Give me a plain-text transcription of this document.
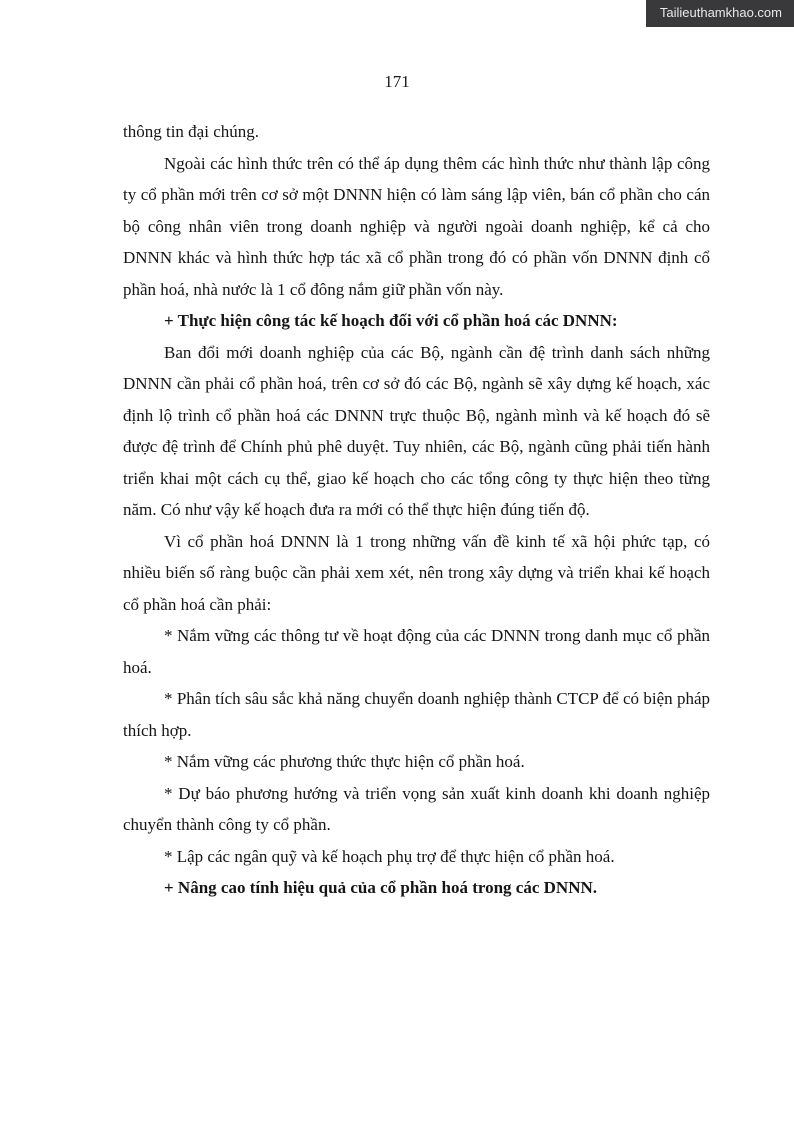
Tailieuthamkhao.com
171

thông tin đại chúng.

Ngoài các hình thức trên có thể áp dụng thêm các hình thức như thành lập công ty cổ phần mới trên cơ sở một DNNN hiện có làm sáng lập viên, bán cổ phần cho cán bộ công nhân viên trong doanh nghiệp và người ngoài doanh nghiệp, kể cả cho DNNN khác và hình thức hợp tác xã cổ phần trong đó có phần vốn DNNN định cổ phần hoá, nhà nước là 1 cổ đông nắm giữ phần vốn này.

+ Thực hiện công tác kế hoạch đối với cổ phần hoá các DNNN:

Ban đổi mới doanh nghiệp của các Bộ, ngành cần đệ trình danh sách những DNNN cần phải cổ phần hoá, trên cơ sở đó các Bộ, ngành sẽ xây dựng kế hoạch, xác định lộ trình cổ phần hoá các DNNN trực thuộc Bộ, ngành mình và kế hoạch đó sẽ được đệ trình để Chính phủ phê duyệt. Tuy nhiên, các Bộ, ngành cũng phải tiến hành triển khai một cách cụ thể, giao kế hoạch cho các tổng công ty thực hiện theo từng năm. Có như vậy kế hoạch đưa ra mới có thể thực hiện đúng tiến độ.

Vì cổ phần hoá DNNN là 1 trong những vấn đề kinh tế xã hội phức tạp, có nhiều biến số ràng buộc cần phải xem xét, nên trong xây dựng và triển khai kế hoạch cổ phần hoá cần phải:

* Nắm vững các thông tư về hoạt động của các DNNN trong danh mục cổ phần hoá.

* Phân tích sâu sắc khả năng chuyển doanh nghiệp thành CTCP để có biện pháp thích hợp.

* Nắm vững các phương thức thực hiện cổ phần hoá.

* Dự báo phương hướng và triển vọng sản xuất kinh doanh khi doanh nghiệp chuyển thành công ty cổ phần.

* Lập các ngân quỹ và kế hoạch phụ trợ để thực hiện cổ phần hoá.

+ Nâng cao tính hiệu quả của cổ phần hoá trong các DNNN.
